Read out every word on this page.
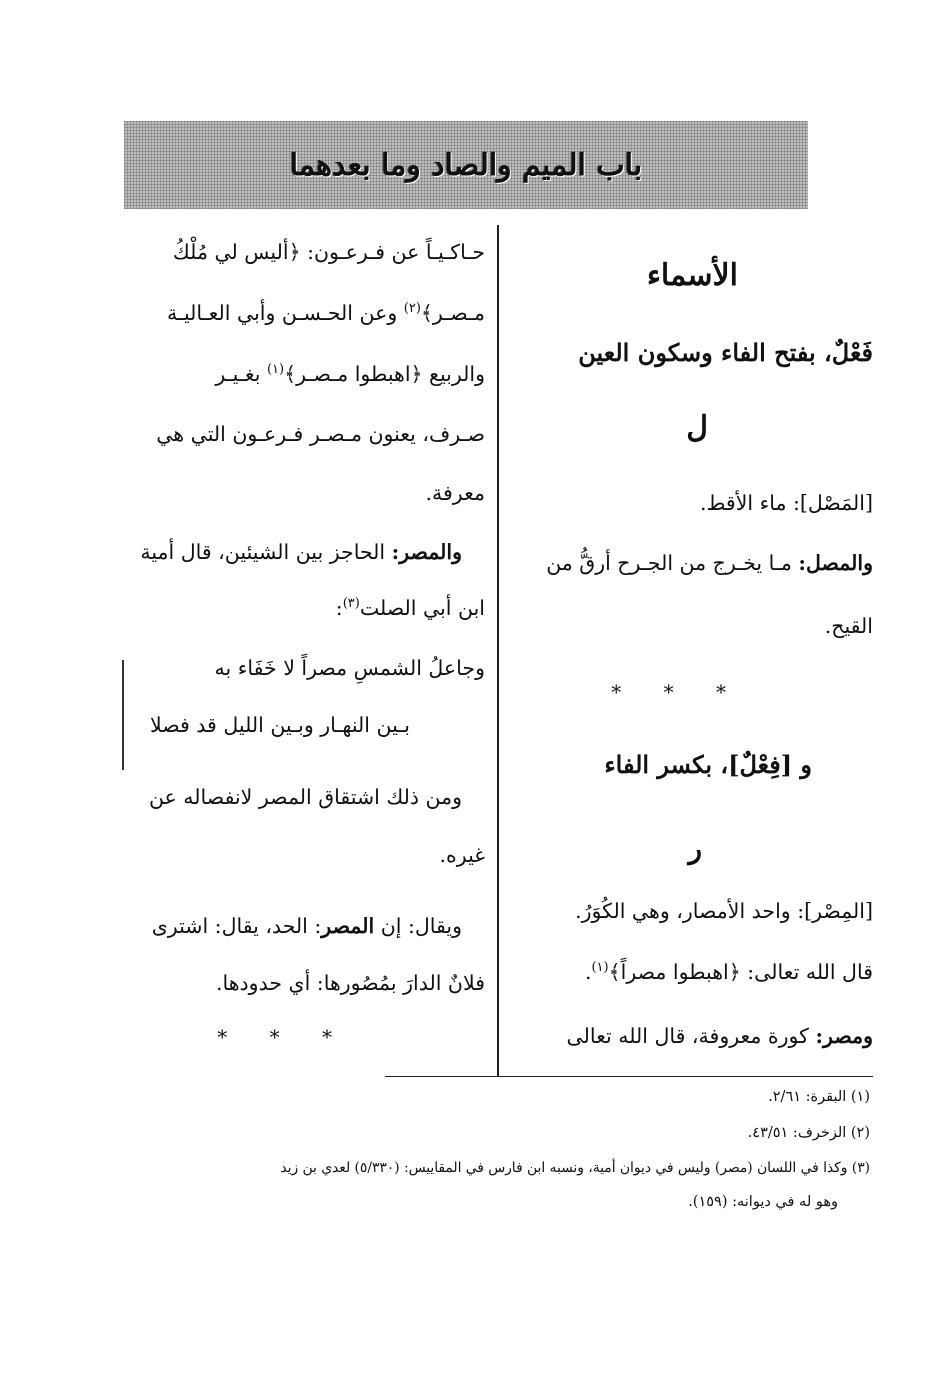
باب الميم والصاد وما بعدهما
الأسماء
فَعْلٌ، بفتح الفاء وسكون العين
ل
[المَصْل]: ماء الأقط.
والمصل: مـا يخـرج من الجـرح أرقُّ من
القيح.
* * *
و [فِعْلٌ]، بكسر الفاء
ر
[المِصْر]: واحد الأمصار، وهي الكُوَرُ.
قال الله تعالى: ﴿اهبطوا مصراً﴾$^{(١)}$.
ومصر: كورة معروفة، قال الله تعالى
حـاكـيـاً عن فـرعـون: ﴿أليس لي مُلْكُ
مـصـر﴾$^{(٢)}$ وعن الحـسـن وأبي العـاليـة
والربيع ﴿اهبطوا مـصـر﴾$^{(١)}$ بغـيـر
صـرف، يعنون مـصـر فـرعـون التي هي
معرفة.
والمصر: الحاجز بين الشيئين، قال أمية
ابن أبي الصلت$^{(٣)}$:
وجاعلُ الشمسِ مصراً لا خَفَاء به
بـين النهـار وبـين الليل قد فصلا
ومن ذلك اشتقاق المصر لانفصاله عن
غيره.
ويقال: إن المصر: الحد، يقال: اشترى
فلانٌ الدارَ بمُصُورها: أي حدودها.
* * *
(١) البقرة: ٢/٦١.
(٢) الزخرف: ٤٣/٥١.
(٣) وكذا في اللسان (مصر) وليس في ديوان أمية، ونسبه ابن فارس في المقاييس: (٥/٣٣٠) لعدي بن زيد
وهو له في ديوانه: (١٥٩).
